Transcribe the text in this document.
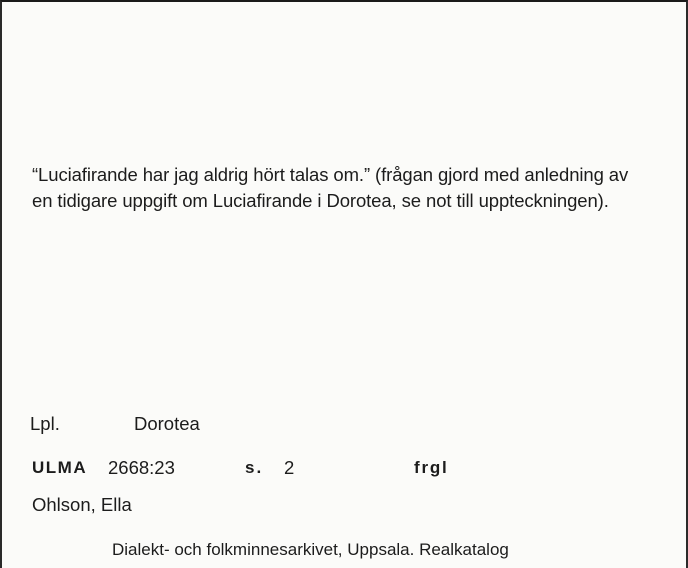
“Luciafirande har jag aldrig hört talas om.” (frågan gjord med anledning av en tidigare uppgift om Luciafirande i Dorotea, se not till uppteckningen).

Lpl.	Dorotea
ULMA 2668:23	s. 2	frgl
Ohlson, Ella
Dialekt- och folkminnesarkivet, Uppsala. Realkatalog
